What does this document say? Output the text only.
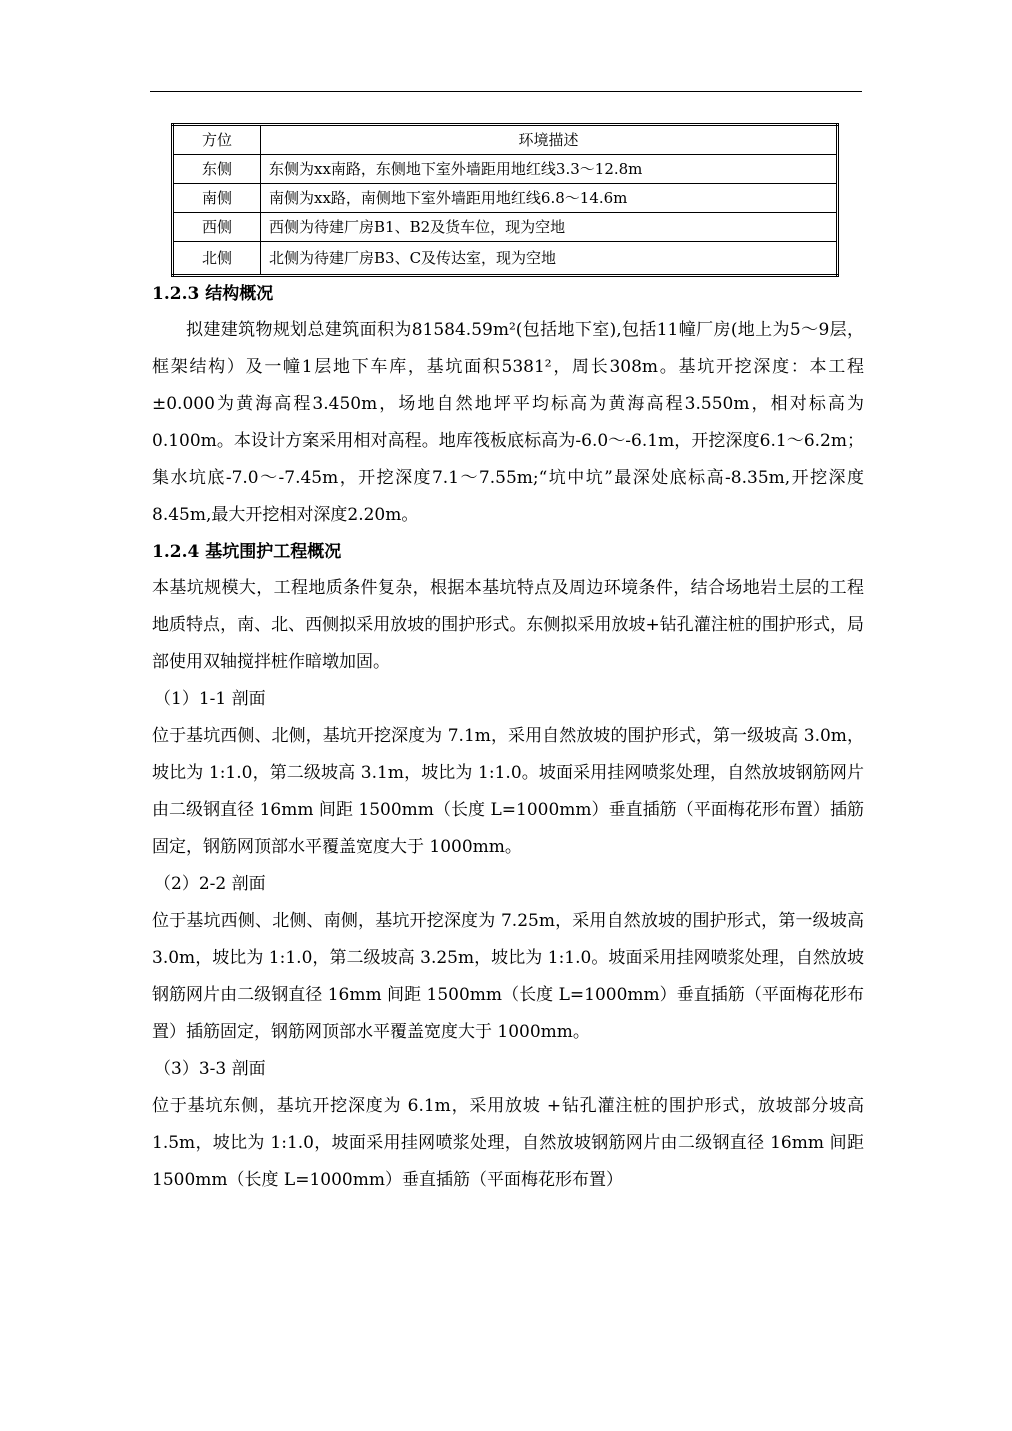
方位	环境描述
东侧	东侧为xx南路，东侧地下室外墙距用地红线3.3～12.8m
南侧	南侧为xx路，南侧地下室外墙距用地红线6.8～14.6m
西侧	西侧为待建厂房B1、B2及货车位，现为空地
北侧	北侧为待建厂房B3、C及传达室，现为空地

1.2.3 结构概况

拟建建筑物规划总建筑面积为81584.59m²(包括地下室),包括11幢厂房(地上为5～9层，框架结构）及一幢1层地下车库，基坑面积5381²，周长308m。基坑开挖深度：本工程±0.000为黄海高程3.450m，场地自然地坪平均标高为黄海高程3.550m，相对标高为0.100m。本设计方案采用相对高程。地库筏板底标高为-6.0～-6.1m，开挖深度6.1～6.2m；集水坑底-7.0～-7.45m，开挖深度7.1～7.55m;“坑中坑”最深处底标高-8.35m,开挖深度8.45m,最大开挖相对深度2.20m。

1.2.4 基坑围护工程概况

本基坑规模大，工程地质条件复杂，根据本基坑特点及周边环境条件，结合场地岩土层的工程地质特点，南、北、西侧拟采用放坡的围护形式。东侧拟采用放坡+钻孔灌注桩的围护形式，局部使用双轴搅拌桩作暗墩加固。

（1）1-1 剖面

位于基坑西侧、北侧，基坑开挖深度为 7.1m，采用自然放坡的围护形式，第一级坡高 3.0m，坡比为 1:1.0，第二级坡高 3.1m，坡比为 1:1.0。坡面采用挂网喷浆处理，自然放坡钢筋网片由二级钢直径 16mm 间距 1500mm（长度 L=1000mm）垂直插筋（平面梅花形布置）插筋固定，钢筋网顶部水平覆盖宽度大于 1000mm。

（2）2-2 剖面

位于基坑西侧、北侧、南侧，基坑开挖深度为 7.25m，采用自然放坡的围护形式，第一级坡高 3.0m，坡比为 1:1.0，第二级坡高 3.25m，坡比为 1:1.0。坡面采用挂网喷浆处理，自然放坡钢筋网片由二级钢直径 16mm 间距 1500mm（长度 L=1000mm）垂直插筋（平面梅花形布置）插筋固定，钢筋网顶部水平覆盖宽度大于 1000mm。

（3）3-3 剖面

位于基坑东侧，基坑开挖深度为 6.1m，采用放坡 +钻孔灌注桩的围护形式，放坡部分坡高 1.5m，坡比为 1:1.0，坡面采用挂网喷浆处理，自然放坡钢筋网片由二级钢直径 16mm 间距 1500mm（长度 L=1000mm）垂直插筋（平面梅花形布置）
